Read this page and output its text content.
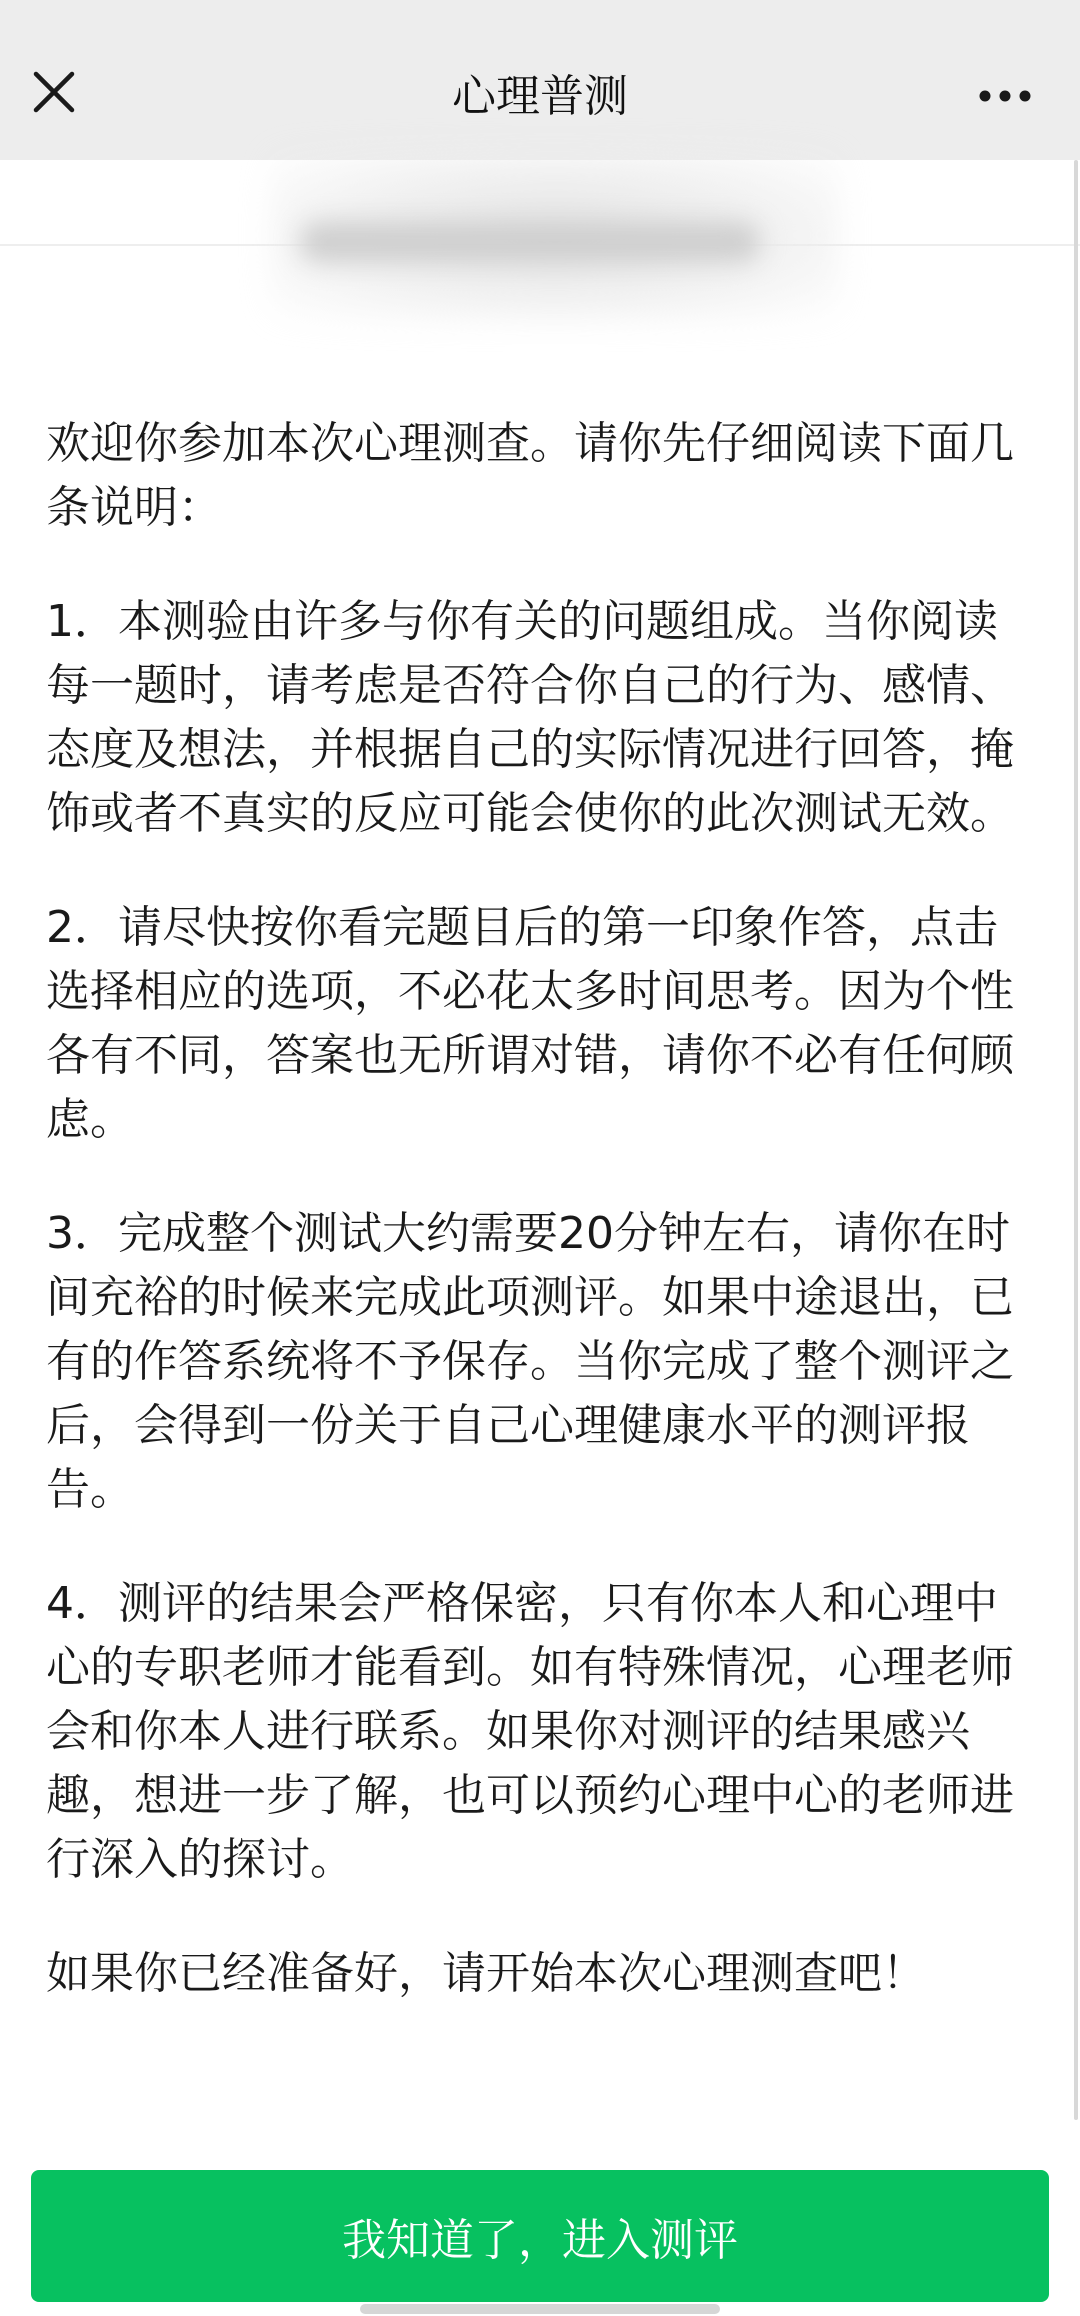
心理普测

欢迎你参加本次心理测查。请你先仔细阅读下面几条说明：

1．本测验由许多与你有关的问题组成。当你阅读每一题时，请考虑是否符合你自己的行为、感情、态度及想法，并根据自己的实际情况进行回答，掩饰或者不真实的反应可能会使你的此次测试无效。

2．请尽快按你看完题目后的第一印象作答，点击选择相应的选项，不必花太多时间思考。因为个性各有不同，答案也无所谓对错，请你不必有任何顾虑。

3．完成整个测试大约需要20分钟左右，请你在时间充裕的时候来完成此项测评。如果中途退出，已有的作答系统将不予保存。当你完成了整个测评之后，会得到一份关于自己心理健康水平的测评报告。

4．测评的结果会严格保密，只有你本人和心理中心的专职老师才能看到。如有特殊情况，心理老师会和你本人进行联系。如果你对测评的结果感兴趣，想进一步了解，也可以预约心理中心的老师进行深入的探讨。

如果你已经准备好，请开始本次心理测查吧！

我知道了，进入测评
